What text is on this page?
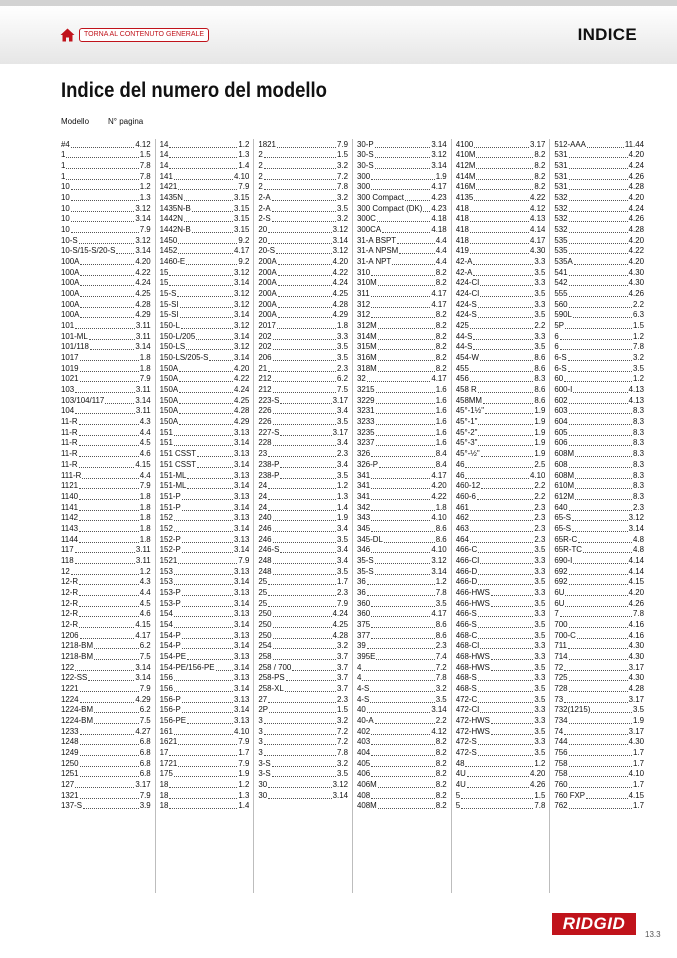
TORNA AL CONTENUTO GENERALE	INDICE
Indice del numero del modello
Modello N° pagina
#4	4.12
1	1.5
1	7.8
1	7.8
10	1.2
10	1.3
10	3.12
10	3.14
10	7.9
10-S	3.12
10-S/15-S/20-S	3.14
100A	4.20
100A	4.22
100A	4.24
100A	4.25
100A	4.28
100A	4.29
101	3.11
101-ML	3.11
101/118	3.14
1017	1.8
1019	1.8
1021	7.9
103	3.11
103/104/117	3.14
104	3.11
11-R	4.3
11-R	4.4
11-R	4.5
11-R	4.6
11-R	4.15
111-R	4.4
1121	7.9
1140	1.8
1141	1.8
1142	1.8
1143	1.8
1144	1.8
117	3.11
118	3.11
12	1.2
12-R	4.3
12-R	4.4
12-R	4.5
12-R	4.6
12-R	4.15
1206	4.17
1218-BM	6.2
1218-BM	7.5
122	3.14
122-SS	3.14
1221	7.9
1224	4.29
1224-BM	6.2
1224-BM	7.5
1233	4.27
1248	6.8
1249	6.8
1250	6.8
1251	6.8
127	3.17
1321	7.9
137-S	3.9
14	1.2
14	1.3
14	1.4
141	4.10
1421	7.9
1435N	3.15
1435N-B	3.15
1442N	3.15
1442N-B	3.15
1450	9.2
1452	4.17
1460-E	9.2
15	3.12
15	3.14
15-S	3.12
15-SI	3.12
15-SI	3.14
150-L	3.12
150-L/205	3.14
150-LS	3.12
150-LS/205-S	3.14
150A	4.20
150A	4.22
150A	4.24
150A	4.25
150A	4.28
150A	4.29
151	3.13
151	3.14
151 CSST	3.13
151 CSST	3.14
151-ML	3.13
151-ML	3.14
151-P	3.13
151-P	3.14
152	3.13
152	3.14
152-P	3.13
152-P	3.14
1521	7.9
153	3.13
153	3.14
153-P	3.13
153-P	3.14
154	3.13
154	3.14
154-P	3.13
154-P	3.14
154-PE	3.13
154-PE/156-PE 3.14
156	3.13
156	3.14
156-P	3.13
156-P	3.14
156-PE	3.13
161	4.10
1621	7.9
17	1.7
1721	7.9
175	1.9
18	1.2
18	1.3
18	1.4
1821	7.9
2	1.5
2	3.2
2	7.2
2	7.8
2-A	3.2
2-A	3.5
2-S	3.2
20	3.12
20	3.14
20-S	3.12
200A	4.20
200A	4.22
200A	4.24
200A	4.25
200A	4.28
200A	4.29
2017	1.8
202	3.3
202	3.5
206	3.5
21	2.3
212	6.2
212	7.5
223-S	3.17
226	3.4
226	3.5
227-S	3.17
228	3.4
23	2.3
238-P	3.4
238-P	3.5
24	1.2
24	1.3
24	1.4
240	1.9
246	3.4
246	3.5
246-S	3.4
248	3.4
248	3.5
25	1.7
25	2.3
25	7.9
250	4.24
250	4.25
250	4.28
254	3.2
258	3.7
258 / 700	3.7
258-PS	3.7
258-XL	3.7
27	2.3
2P	1.5
3	3.2
3	7.2
3	7.2
3	7.8
3-S	3.2
3-S	3.5
30	3.12
30	3.14
30-P	3.14
30-S	3.12
30-S	3.14
300	1.9
300	4.17
300 Compact	4.23
300 Compact (DK) 4.23
300C	4.18
300CA	4.18
31-A BSPT	4.4
31-A NPSM	4.4
31-A NPT	4.4
310	8.2
310M	8.2
311	4.17
312	4.17
312	8.2
312M	8.2
314M	8.2
315M	8.2
316M	8.2
318M	8.2
32	4.17
3215	1.6
3229	1.6
3231	1.6
3233	1.6
3235	1.6
3237	1.6
326	8.4
326-P	8.4
341	4.17
341	4.20
341	4.22
342	1.8
343	4.10
345	8.6
345-DL	8.6
346	4.10
35-S	3.12
35-S	3.14
36	1.2
36	7.8
360	3.5
360	4.17
375	8.6
377	8.6
39	2.3
395E	7.4
4	7.2
4	7.8
4-S	3.2
4-S	3.5
40	3.14
40-A	2.2
402	4.12
403	8.2
404	8.2
405	8.2
406	8.2
406M	8.2
408	8.2
408M	8.2
4100	3.17
410M	8.2
412M	8.2
414M	8.2
416M	8.2
4135	4.22
418	4.12
418	4.13
418	4.14
418	4.17
419	4.30
42-A	3.3
42-A	3.5
424-CI	3.3
424-CI	3.5
424-S	3.3
424-S	3.5
425	2.2
44-S	3.3
44-S	3.5
454-W	8.6
455	8.6
456	8.3
458 R	8.6
458MM	8.6
45°-1½"	1.9
45°-1"	1.9
45°-2"	1.9
45°-3"	1.9
45°-½"	1.9
46	2.5
46	4.10
460-12	2.2
460-6	2.2
461	2.3
462	2.3
463	2.3
464	2.3
466-C	3.5
466-CI	3.3
466-D	3.3
466-D	3.5
466-HWS	3.3
466-HWS	3.5
466-S	3.3
466-S	3.5
468-C	3.5
468-CI	3.3
468-HWS	3.3
468-HWS	3.5
468-S	3.3
468-S	3.5
472-C	3.5
472-CI	3.3
472-HWS	3.3
472-HWS	3.5
472-S	3.3
472-S	3.5
48	1.2
4U	4.20
4U	4.26
5	1.5
5	7.8
512-AAA	11.44
531	4.20
531	4.24
531	4.26
531	4.28
532	4.20
532	4.24
532	4.26
532	4.28
535	4.20
535	4.22
535A	4.20
541	4.30
542	4.30
555	4.26
560	2.2
590L	6.3
5P	1.5
6	1.2
6	7.8
6-S	3.2
6-S	3.5
60	1.2
600-I	4.13
602	4.13
603	8.3
604	8.3
605	8.3
606	8.3
608M	8.3
608	8.3
608M	8.3
610M	8.3
612M	8.3
640	2.3
65-S	3.12
65-S	3.14
65R-C	4.8
65R-TC	4.8
690-I	4.14
692	4.14
692	4.15
6U	4.20
6U	4.26
7	7.8
700	4.16
700-C	4.16
711	4.30
714	4.30
72	3.17
725	4.30
728	4.28
73	3.17
732(1215)	3.5
734	1.9
74	3.17
744	4.30
756	1.7
758	1.7
758	4.10
760	1.7
760 FXP	4.15
762	1.7
RIDGID
13.3
